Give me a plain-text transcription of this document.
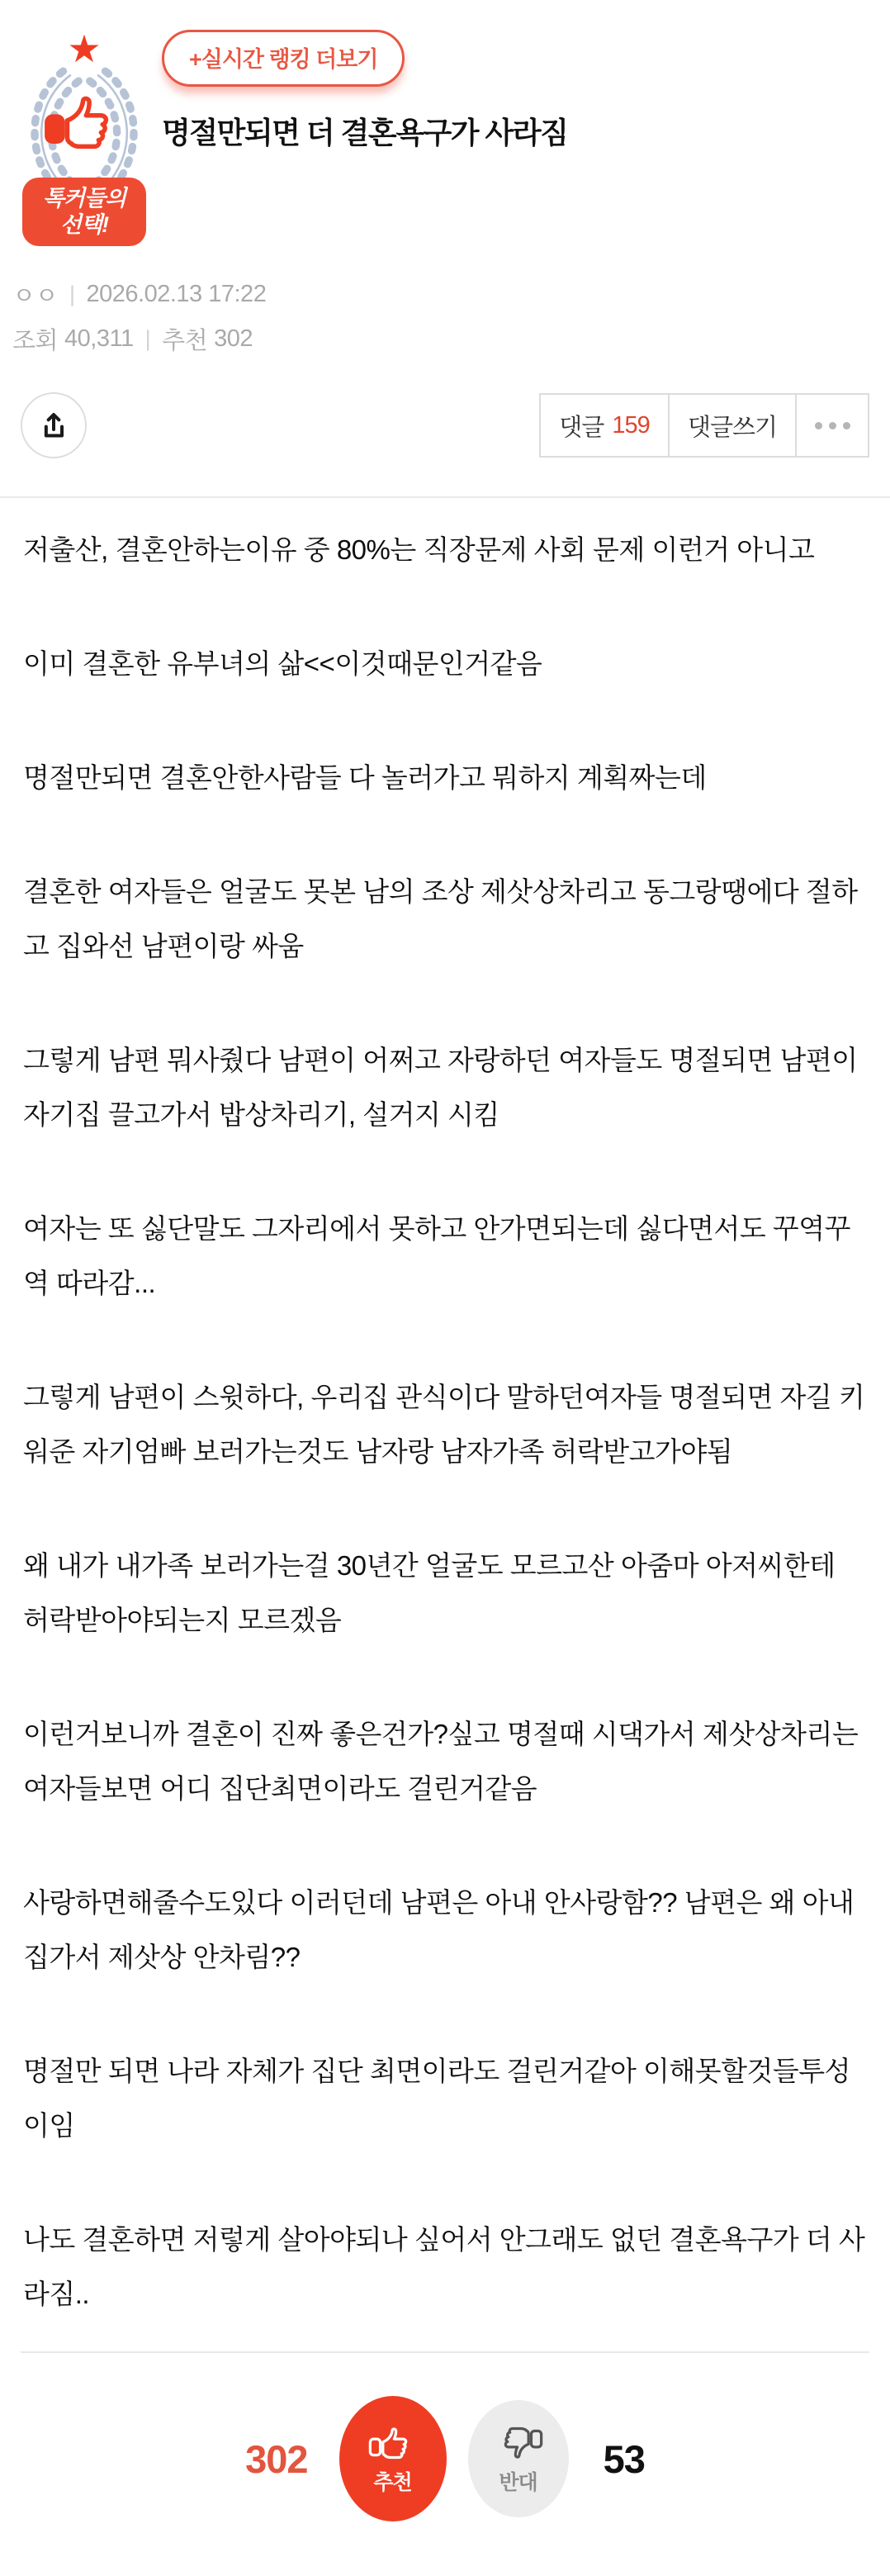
★
톡커들의
선택!
+실시간 랭킹 더보기
명절만되면 더 결혼욕구가 사라짐
ㅇㅇ | 2026.02.13 17:22
조회 40,311 | 추천 302
댓글 159	댓글쓰기

저출산, 결혼안하는이유 중 80%는 직장문제 사회 문제 이런거 아니고

이미 결혼한 유부녀의 삶<<이것때문인거같음

명절만되면 결혼안한사람들 다 놀러가고 뭐하지 계획짜는데

결혼한 여자들은 얼굴도 못본 남의 조상 제삿상차리고 동그랑땡에다 절하고 집와선 남편이랑 싸움

그렇게 남편 뭐사줬다 남편이 어쩌고 자랑하던 여자들도 명절되면 남편이 자기집 끌고가서 밥상차리기, 설거지 시킴

여자는 또 싫단말도 그자리에서 못하고 안가면되는데 싫다면서도 꾸역꾸역 따라감...

그렇게 남편이 스윗하다, 우리집 관식이다 말하던여자들 명절되면 자길 키워준 자기엄빠 보러가는것도 남자랑 남자가족 허락받고가야됨

왜 내가 내가족 보러가는걸 30년간 얼굴도 모르고산 아줌마 아저씨한테 허락받아야되는지 모르겠음

이런거보니까 결혼이 진짜 좋은건가?싶고 명절때 시댁가서 제삿상차리는 여자들보면 어디 집단최면이라도 걸린거같음

사랑하면해줄수도있다 이러던데 남편은 아내 안사랑함?? 남편은 왜 아내 집가서 제삿상 안차림??

명절만 되면 나라 자체가 집단 최면이라도 걸린거같아 이해못할것들투성이임

나도 결혼하면 저렇게 살아야되나 싶어서 안그래도 없던 결혼욕구가 더 사라짐..

302
추천	반대
53
